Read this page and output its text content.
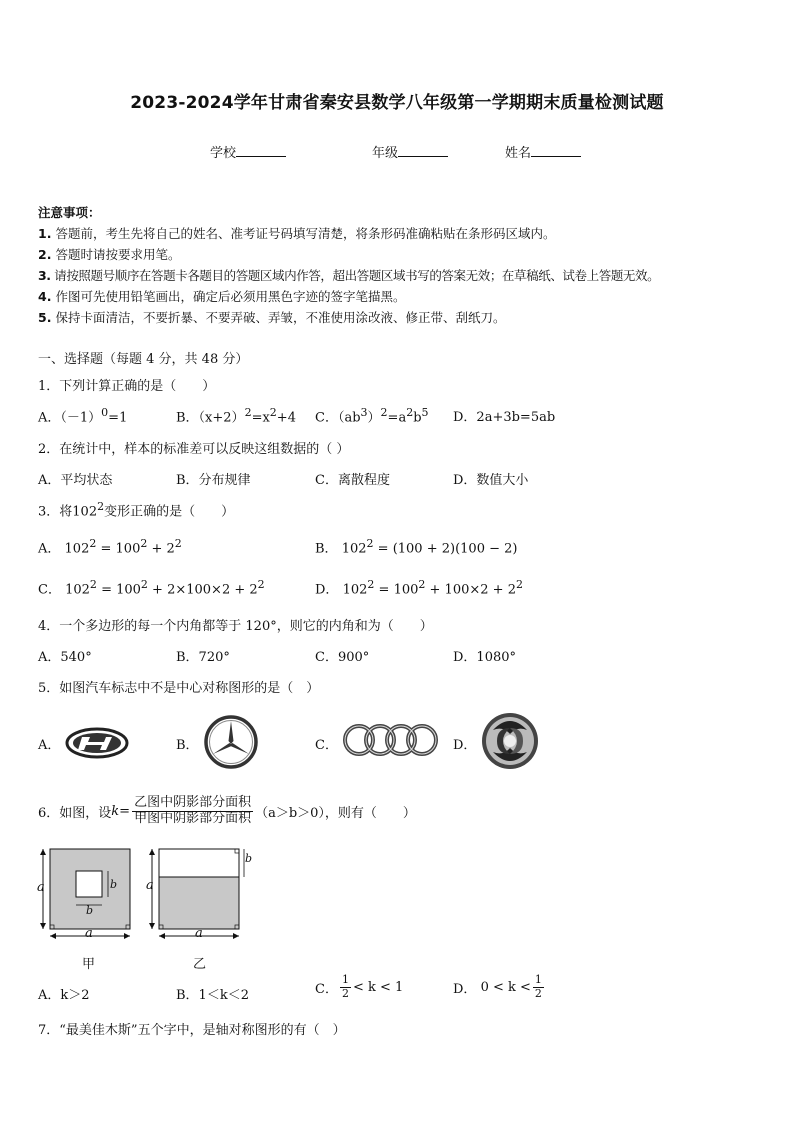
2023-2024学年甘肃省秦安县数学八年级第一学期期末质量检测试题
学校	年级	姓名
注意事项：
1. 答题前，考生先将自己的姓名、准考证号码填写清楚，将条形码准确粘贴在条形码区域内。
2. 答题时请按要求用笔。
3. 请按照题号顺序在答题卡各题目的答题区域内作答，超出答题区域书写的答案无效；在草稿纸、试卷上答题无效。
4. 作图可先使用铅笔画出，确定后必须用黑色字迹的签字笔描黑。
5. 保持卡面清洁，不要折暴、不要弄破、弄皱，不准使用涂改液、修正带、刮纸刀。
一、选择题（每题 4 分，共 48 分）
1．下列计算正确的是（　　）
A．$(-1)^0=1$	B．$(x+2)^2=x^2+4$ C．$(ab^3)^2=a^2b^5$ D．2a+3b=5ab
2．在统计中，样本的标准差可以反映这组数据的（ ）
A．平均状态	B．分布规律	C．离散程度	D．数值大小
3．将$102^2$变形正确的是（　　）
A． $102^2 = 100^2 + 2^2$	B． $102^2 = (100 + 2)(100 - 2)$
C． $102^2 = 100^2 + 2\times 100\times 2 + 2^2$	D． $102^2 = 100^2 + 100\times 2 + 2^2$
4．一个多边形的每一个内角都等于 120°，则它的内角和为（　　）
A．540°	B．720°	C．900°	D．1080°
5．如图汽车标志中不是中心对称图形的是（　）
A．	B．	C．	D．
6．如图，设 $k= \frac{\text{乙图中阴影部分面积}}{\text{甲图中阴影部分面积}} (a>b>0)$，则有（　　）
a
a
b
b
甲
a
a
b
乙
A．k＞2	B．1＜k＜2	C． $\frac{1}{2} < k < 1$	D．
$0 < k < \frac{1}{2}$
7．“最美佳木斯”五个字中，是轴对称图形的有（　）
